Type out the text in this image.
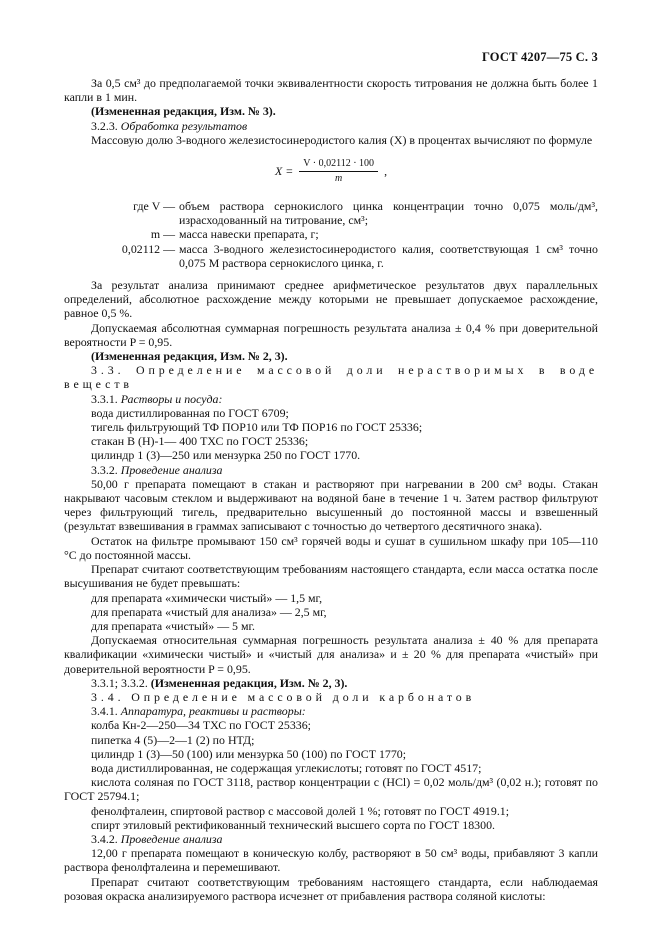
ГОСТ 4207—75 С. 3

За 0,5 см³ до предполагаемой точки эквивалентности скорость титрования не должна быть более 1 капли в 1 мин.

(Измененная редакция, Изм. № 3).

3.2.3. Обработка результатов

Массовую долю 3-водного железистосинеродистого калия (X) в процентах вычисляют по формуле

$X = \frac{V \cdot 0,02112 \cdot 100}{m}$ ,
где V — объем раствора сернокислого цинка концентрации точно 0,075 моль/дм³, израсходованный на титрование, см³;
m — масса навески препарата, г;
0,02112 — масса 3-водного железистосинеродистого калия, соответствующая 1 см³ точно 0,075 М раствора сернокислого цинка, г.

За результат анализа принимают среднее арифметическое результатов двух параллельных определений, абсолютное расхождение между которыми не превышает допускаемое расхождение, равное 0,5 %.

Допускаемая абсолютная суммарная погрешность результата анализа ± 0,4 % при доверительной вероятности P = 0,95.

(Измененная редакция, Изм. № 2, 3).

3.3. Определение массовой доли нерастворимых в воде веществ

3.3.1. Растворы и посуда:

вода дистиллированная по ГОСТ 6709;

тигель фильтрующий ТФ ПОР10 или ТФ ПОР16 по ГОСТ 25336;

стакан В (Н)-1— 400 ТХС по ГОСТ 25336;

цилиндр 1 (3)—250 или мензурка 250 по ГОСТ 1770.

3.3.2. Проведение анализа

50,00 г препарата помещают в стакан и растворяют при нагревании в 200 см³ воды. Стакан накрывают часовым стеклом и выдерживают на водяной бане в течение 1 ч. Затем раствор фильтруют через фильтрующий тигель, предварительно высушенный до постоянной массы и взвешенный (результат взвешивания в граммах записывают с точностью до четвертого десятичного знака).

Остаток на фильтре промывают 150 см³ горячей воды и сушат в сушильном шкафу при 105—110 °С до постоянной массы.

Препарат считают соответствующим требованиям настоящего стандарта, если масса остатка после высушивания не будет превышать:

для препарата «химически чистый» — 1,5 мг,

для препарата «чистый для анализа» — 2,5 мг,

для препарата «чистый» — 5 мг.

Допускаемая относительная суммарная погрешность результата анализа ± 40 % для препарата квалификации «химически чистый» и «чистый для анализа» и ± 20 % для препарата «чистый» при доверительной вероятности P = 0,95.

3.3.1; 3.3.2. (Измененная редакция, Изм. № 2, 3).

3.4. Определение массовой доли карбонатов

3.4.1. Аппаратура, реактивы и растворы:

колба Кн-2—250—34 ТХС по ГОСТ 25336;

пипетка 4 (5)—2—1 (2) по НТД;

цилиндр 1 (3)—50 (100) или мензурка 50 (100) по ГОСТ 1770;

вода дистиллированная, не содержащая углекислоты; готовят по ГОСТ 4517;

кислота соляная по ГОСТ 3118, раствор концентрации c (HCl) = 0,02 моль/дм³ (0,02 н.); готовят по ГОСТ 25794.1;

фенолфталеин, спиртовой раствор с массовой долей 1 %; готовят по ГОСТ 4919.1;

спирт этиловый ректификованный технический высшего сорта по ГОСТ 18300.

3.4.2. Проведение анализа

12,00 г препарата помещают в коническую колбу, растворяют в 50 см³ воды, прибавляют 3 капли раствора фенолфталеина и перемешивают.

Препарат считают соответствующим требованиям настоящего стандарта, если наблюдаемая розовая окраска анализируемого раствора исчезнет от прибавления раствора соляной кислоты:
